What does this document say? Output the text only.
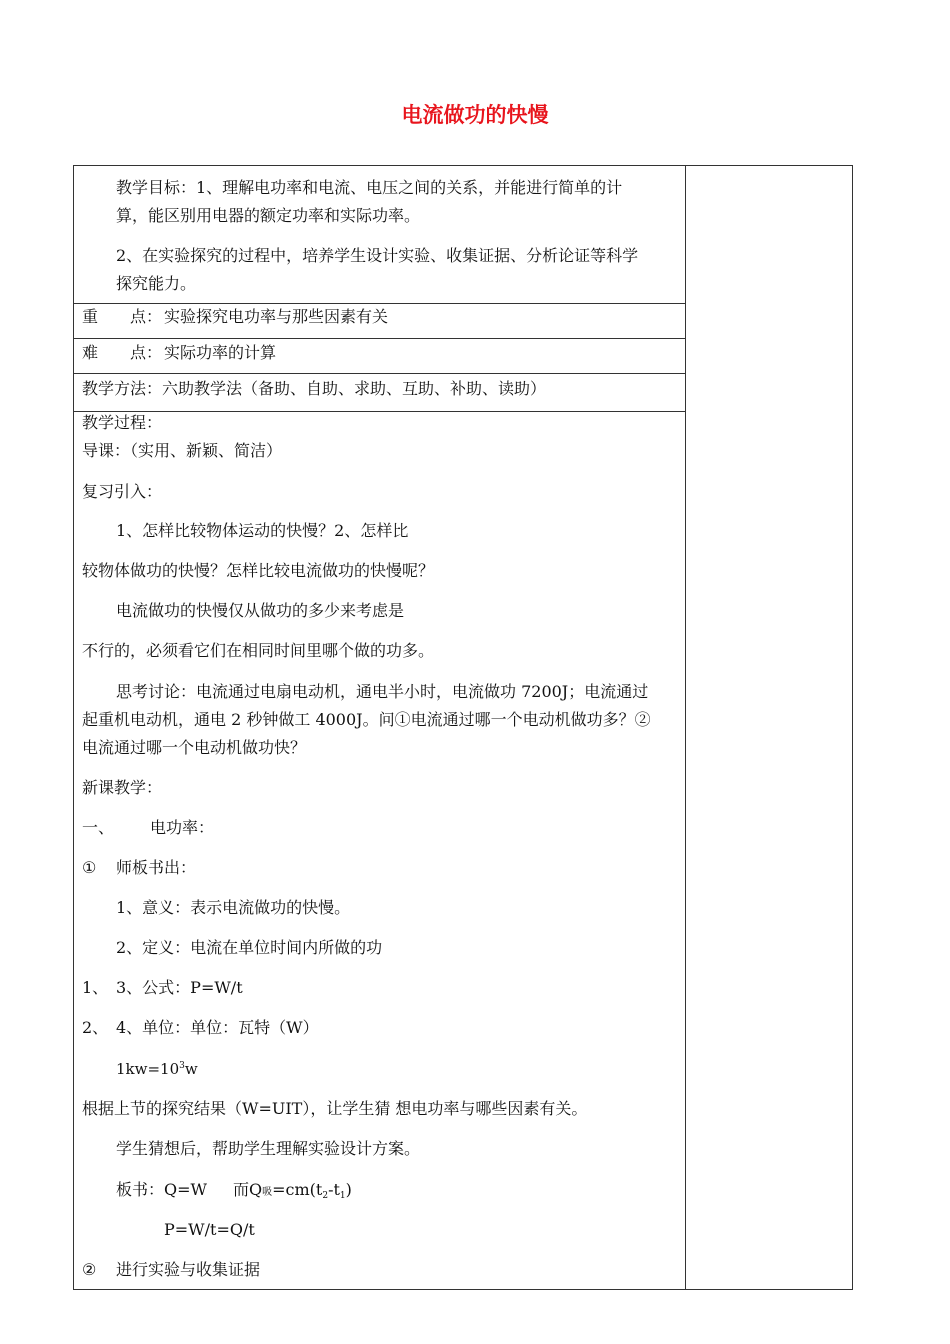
电流做功的快慢
教学目标：1、理解电功率和电流、电压之间的关系，并能进行简单的计
算，能区别用电器的额定功率和实际功率。
2、在实验探究的过程中，培养学生设计实验、收集证据、分析论证等科学
探究能力。
重　　点： 实验探究电功率与那些因素有关
难　　点： 实际功率的计算
教学方法：六助教学法（备助、自助、求助、互助、补助、读助）
教学过程：
导课：（实用、新颖、简洁）
复习引入：
1、怎样比较物体运动的快慢？2、怎样比
较物体做功的快慢？怎样比较电流做功的快慢呢？
电流做功的快慢仅从做功的多少来考虑是
不行的，必须看它们在相同时间里哪个做的功多。
思考讨论：电流通过电扇电动机，通电半小时，电流做功 7200J；电流通过
起重机电动机，通电 2 秒钟做工 4000J。问①电流通过哪一个电动机做功多？②
电流通过哪一个电动机做功快？
新课教学：
一、 电功率：
① 师板书出：
1、意义：表示电流做功的快慢。
2、定义：电流在单位时间内所做的功
1、 3、公式：P=W/t
2、 4、单位：单位：瓦特（W）
$1kw=10^3w$
根据上节的探究结果（W=UIT），让学生猜 想电功率与哪些因素有关。
学生猜想后，帮助学生理解实验设计方案。
板书：Q=W 而Q吸$=cm(t_2-t_1)$
P=W/t=Q/t
② 进行实验与收集证据
